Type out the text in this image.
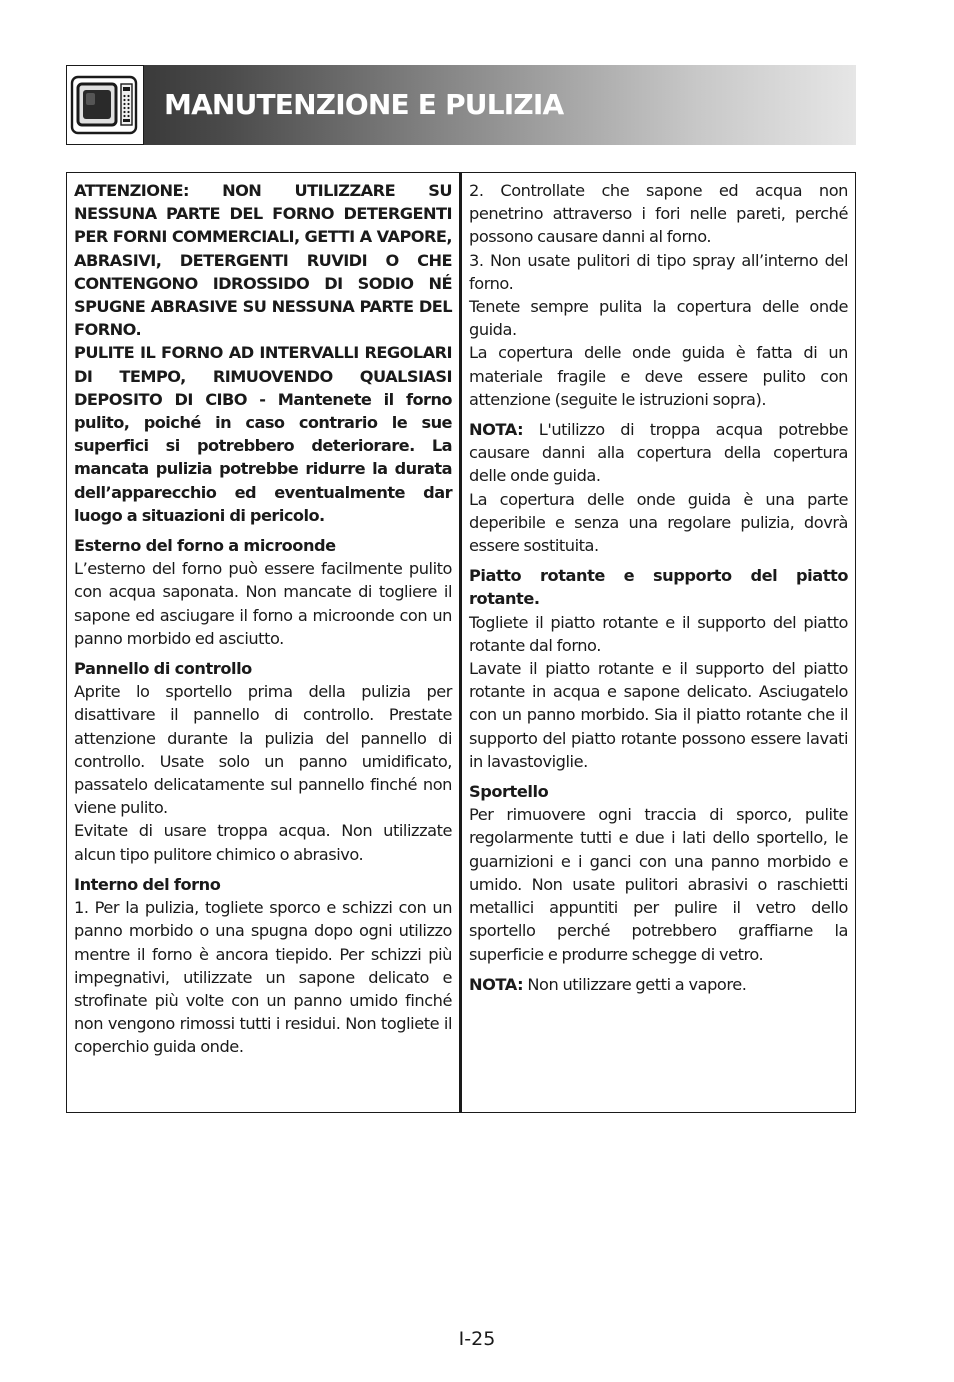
MANUTENZIONE E PULIZIA

ATTENZIONE: NON UTILIZZARE SU NESSUNA PARTE DEL FORNO DETERGENTI PER FORNI COMMERCIALI, GETTI A VAPORE, ABRASIVI, DETERGENTI RUVIDI O CHE CONTENGONO IDROSSIDO DI SODIO NÉ SPUGNE ABRASIVE SU NESSUNA PARTE DEL FORNO.

PULITE IL FORNO AD INTERVALLI REGOLARI DI TEMPO, RIMUOVENDO QUALSIASI DEPOSITO DI CIBO - Mantenete il forno pulito, poiché in caso contrario le sue superfici si potrebbero deteriorare. La mancata pulizia potrebbe ridurre la durata dell’apparecchio ed eventualmente dar luogo a situazioni di pericolo.

Esterno del forno a microonde

L’esterno del forno può essere facilmente pulito con acqua saponata. Non mancate di togliere il sapone ed asciugare il forno a microonde con un panno morbido ed asciutto.

Pannello di controllo

Aprite lo sportello prima della pulizia per disattivare il pannello di controllo. Prestate attenzione durante la pulizia del pannello di controllo. Usate solo un panno umidificato, passatelo delicatamente sul pannello finché non viene pulito.

Evitate di usare troppa acqua. Non utilizzate alcun tipo pulitore chimico o abrasivo.

Interno del forno

1. Per la pulizia, togliete sporco e schizzi con un panno morbido o una spugna dopo ogni utilizzo mentre il forno è ancora tiepido. Per schizzi più impegnativi, utilizzate un sapone delicato e strofinate più volte con un panno umido finché non vengono rimossi tutti i residui. Non togliete il coperchio guida onde.

2. Controllate che sapone ed acqua non penetrino attraverso i fori nelle pareti, perché possono causare danni al forno.

3. Non usate pulitori di tipo spray all’interno del forno.

Tenete sempre pulita la copertura delle onde guida.

La copertura delle onde guida è fatta di un materiale fragile e deve essere pulito con attenzione (seguite le istruzioni sopra).

NOTA: L'utilizzo di troppa acqua potrebbe causare danni alla copertura della copertura delle onde guida.

La copertura delle onde guida è una parte deperibile e senza una regolare pulizia, dovrà essere sostituita.

Piatto rotante e supporto del piatto rotante.

Togliete il piatto rotante e il supporto del piatto rotante dal forno.

Lavate il piatto rotante e il supporto del piatto rotante in acqua e sapone delicato. Asciugatelo con un panno morbido. Sia il piatto rotante che il supporto del piatto rotante possono essere lavati in lavastoviglie.

Sportello

Per rimuovere ogni traccia di sporco, pulite regolarmente tutti e due i lati dello sportello, le guarnizioni e i ganci con una panno morbido e umido. Non usate pulitori abrasivi o raschietti metallici appuntiti per pulire il vetro dello sportello perché potrebbero graffiarne la superficie e produrre schegge di vetro.

NOTA: Non utilizzare getti a vapore.

I-25
